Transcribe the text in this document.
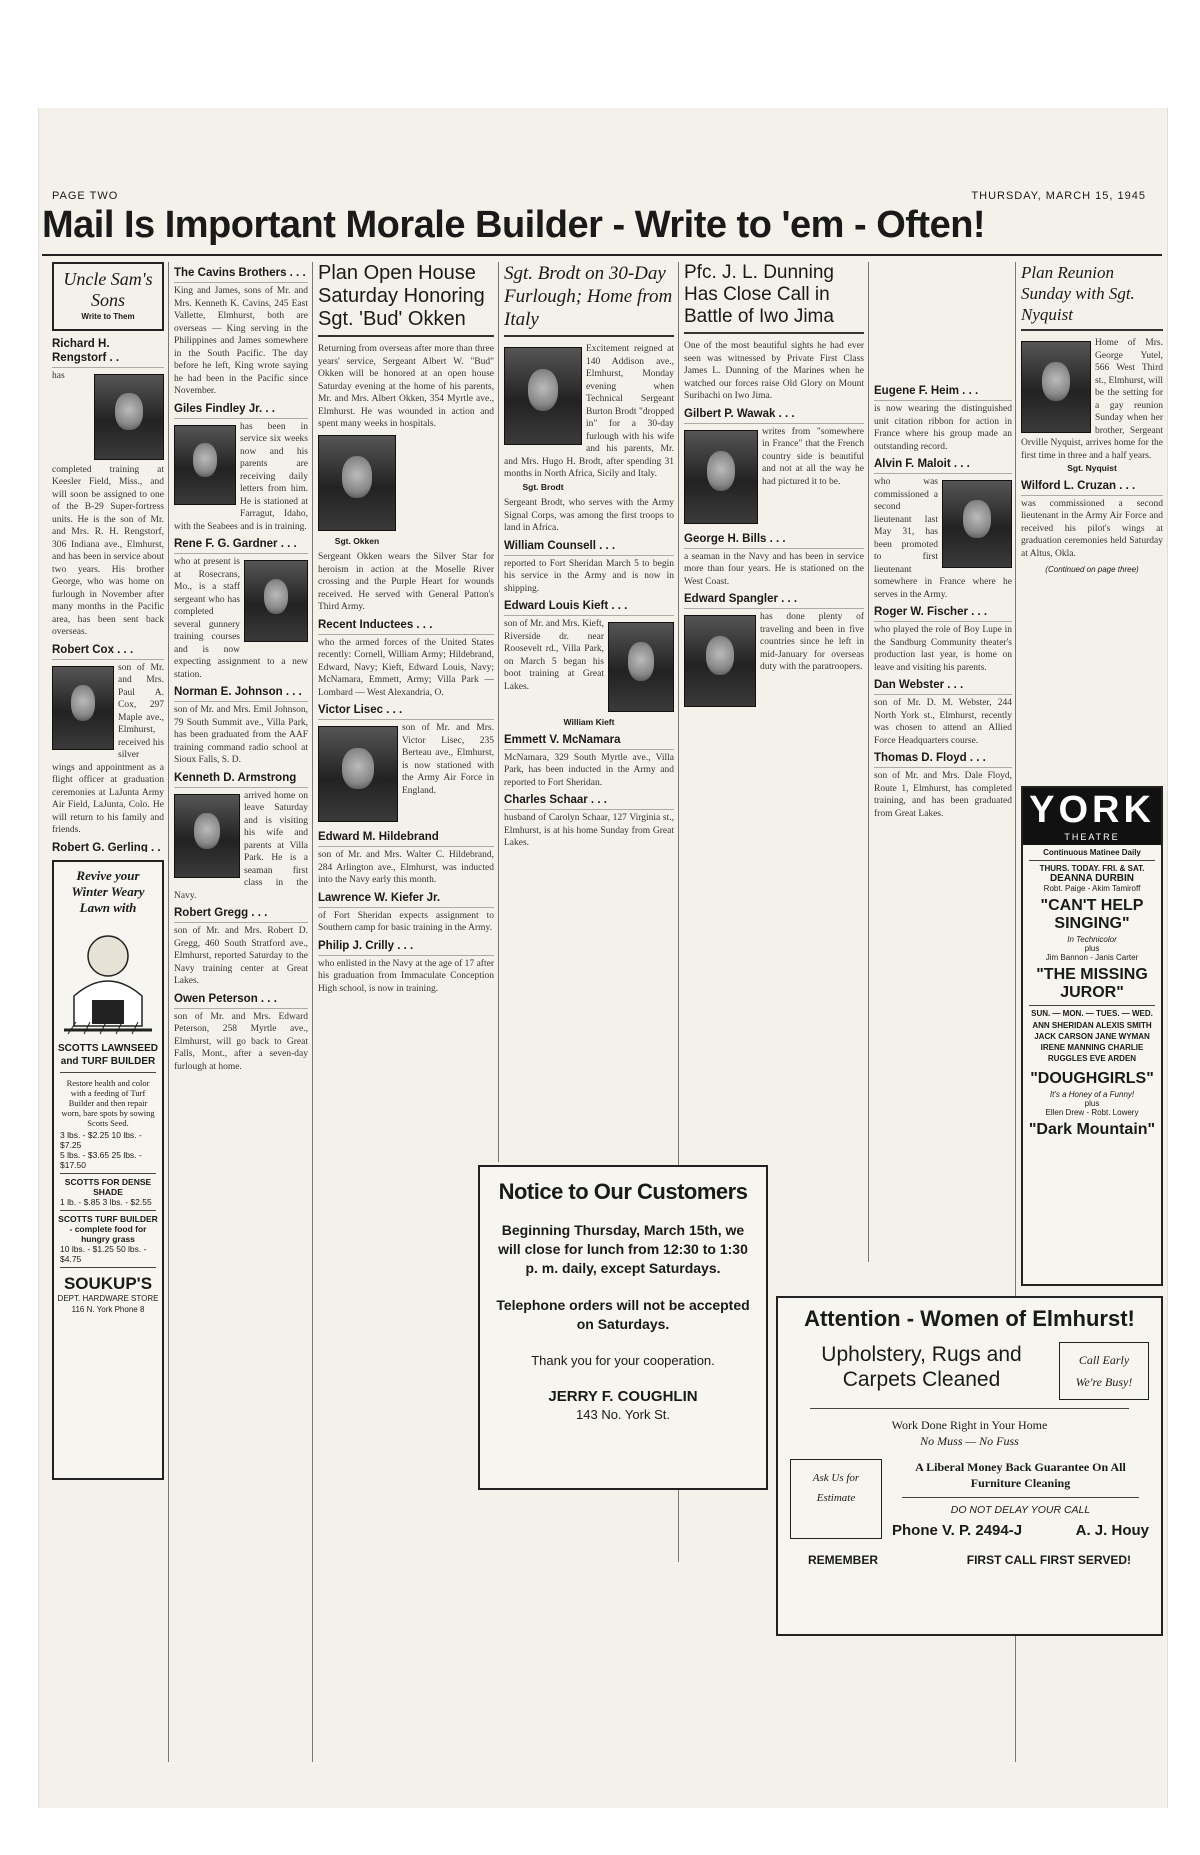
PAGE TWO	THURSDAY, MARCH 15, 1945
Mail Is Important Morale Builder - Write to 'em - Often!
Uncle Sam's Sons
Write to Them
Richard H. Rengstorf . .
has completed training at Keesler Field, Miss., and will soon be assigned to one of the B-29 Super-fortress units. He is the son of Mr. and Mrs. R. H. Rengstorf, 306 Indiana ave., Elmhurst, and has been in service about two years. His brother George, who was home on furlough in November after many months in the Pacific area, has been sent back overseas.
Robert Cox . . .
son of Mr. and Mrs. Paul A. Cox, 297 Maple ave., Elmhurst, received his silver wings and appointment as a flight officer at graduation ceremonies at LaJunta Army Air Field, LaJunta, Colo. He will return to his family and friends.
Robert G. Gerling . .
Revive your Winter Weary Lawn with
SCOTTS LAWNSEED and TURF BUILDER
Restore health and color with a feeding of Turf Builder and then repair worn, bare spots by sowing Scotts Seed.
3 lbs. - $2.25 10 lbs. - $7.25
5 lbs. - $3.65 25 lbs. - $17.50
SCOTTS FOR DENSE SHADE
1 lb. - $.85 3 lbs. - $2.55
SCOTTS TURF BUILDER - complete food for hungry grass
10 lbs. - $1.25 50 lbs. - $4.75
SOUKUP'S
DEPT. HARDWARE STORE
116 N. York Phone 8
The Cavins Brothers . . .
King and James, sons of Mr. and Mrs. Kenneth K. Cavins, 245 East Vallette, Elmhurst, both are overseas — King serving in the Philippines and James somewhere in the South Pacific. The day before he left, King wrote saying he had been in the Pacific since November.
Giles Findley Jr. . .
has been in service six weeks now and his parents are receiving daily letters from him. He is stationed at Farragut, Idaho, with the Seabees and is in training.
Rene F. G. Gardner . . .
who at present is at Rosecrans, Mo., is a staff sergeant who has completed several gunnery training courses and is now expecting assignment to a new station.
Norman E. Johnson . . .
son of Mr. and Mrs. Emil Johnson, 79 South Summit ave., Villa Park, has been graduated from the AAF training command radio school at Sioux Falls, S. D.
Kenneth D. Armstrong
arrived home on leave Saturday and is visiting his wife and parents at Villa Park. He is a seaman first class in the Navy.
Robert Gregg . . .
son of Mr. and Mrs. Robert D. Gregg, 460 South Stratford ave., Elmhurst, reported Saturday to the Navy training center at Great Lakes.
Owen Peterson . . .
son of Mr. and Mrs. Edward Peterson, 258 Myrtle ave., Elmhurst, will go back to Great Falls, Mont., after a seven-day furlough at home.
Plan Open House Saturday Honoring Sgt. 'Bud' Okken
Returning from overseas after more than three years' service, Sergeant Albert W. "Bud" Okken will be honored at an open house Saturday evening at the home of his parents, Mr. and Mrs. Albert Okken, 354 Myrtle ave., Elmhurst. He was wounded in action and spent many weeks in hospitals.
Sgt. Okken
Sergeant Okken wears the Silver Star for heroism in action at the Moselle River crossing and the Purple Heart for wounds received. He served with General Patton's Third Army.
Recent Inductees . . .
who the armed forces of the United States recently: Cornell, William Army; Hildebrand, Edward, Navy; Kieft, Edward Louis, Navy; McNamara, Emmett, Army; Villa Park — Lombard — West Alexandria, O.
Victor Lisec . . .
son of Mr. and Mrs. Victor Lisec, 235 Berteau ave., Elmhurst, is now stationed with the Army Air Force in England.
Edward M. Hildebrand
son of Mr. and Mrs. Walter C. Hildebrand, 284 Arlington ave., Elmhurst, was inducted into the Navy early this month.
Lawrence W. Kiefer Jr.
of Fort Sheridan expects assignment to Southern camp for basic training in the Army.
Philip J. Crilly . . .
who enlisted in the Navy at the age of 17 after his graduation from Immaculate Conception High school, is now in training.
Sgt. Brodt on 30-Day Furlough; Home from Italy
Excitement reigned at 140 Addison ave., Elmhurst, Monday evening when Technical Sergeant Burton Brodt "dropped in" for a 30-day furlough with his wife and his parents, Mr. and Mrs. Hugo H. Brodt, after spending 31 months in North Africa, Sicily and Italy.
Sgt. Brodt
Sergeant Brodt, who serves with the Army Signal Corps, was among the first troops to land in Africa.
William Counsell . . .
reported to Fort Sheridan March 5 to begin his service in the Army and is now in shipping.
Edward Louis Kieft . . .
son of Mr. and Mrs. Kieft, Riverside dr. near Roosevelt rd., Villa Park, on March 5 began his boot training at Great Lakes.
William Kieft
Emmett V. McNamara
McNamara, 329 South Myrtle ave., Villa Park, has been inducted in the Army and reported to Fort Sheridan.
Charles Schaar . . .
husband of Carolyn Schaar, 127 Virginia st., Elmhurst, is at his home Sunday from Great Lakes.
Notice to Our Customers
Beginning Thursday, March 15th, we will close for lunch from 12:30 to 1:30 p. m. daily, except Saturdays.
Telephone orders will not be accepted on Saturdays.
Thank you for your cooperation.
JERRY F. COUGHLIN
143 No. York St.
Pfc. J. L. Dunning Has Close Call in Battle of Iwo Jima
One of the most beautiful sights he had ever seen was witnessed by Private First Class James L. Dunning of the Marines when he watched our forces raise Old Glory on Mount Suribachi on Iwo Jima.
Gilbert P. Wawak . . .
writes from "somewhere in France" that the French country side is beautiful and not at all the way he had pictured it to be.
George H. Bills . . .
a seaman in the Navy and has been in service more than four years. He is stationed on the West Coast.
Edward Spangler . . .
has done plenty of traveling and been in five countries since he left in mid-January for overseas duty with the paratroopers.
Eugene F. Heim . . .
is now wearing the distinguished unit citation ribbon for action in France where his group made an outstanding record.
Alvin F. Maloit . . .
who was commissioned a second lieutenant last May 31, has been promoted to first lieutenant somewhere in France where he serves in the Army.
Roger W. Fischer . . .
who played the role of Boy Lupe in the Sandburg Community theater's production last year, is home on leave and visiting his parents.
Dan Webster . . .
son of Mr. D. M. Webster, 244 North York st., Elmhurst, recently was chosen to attend an Allied Force Headquarters course.
Thomas D. Floyd . . .
son of Mr. and Mrs. Dale Floyd, Route 1, Elmhurst, has completed training, and has been graduated from Great Lakes.
Plan Reunion Sunday with Sgt. Nyquist
Home of Mrs. George Yutel, 566 West Third st., Elmhurst, will be the setting for a gay reunion Sunday when her brother, Sergeant Orville Nyquist, arrives home for the first time in three and a half years.
Sgt. Nyquist
Wilford L. Cruzan . . .
was commissioned a second lieutenant in the Army Air Force and received his pilot's wings at graduation ceremonies held Saturday at Altus, Okla.
(Continued on page three)
YORK
THEATRE
Continuous Matinee Daily
THURS. TODAY. FRI. & SAT.
DEANNA DURBIN
Robt. Paige - Akim Tamiroff
"CAN'T HELP SINGING"
In Technicolor
plus
Jim Bannon - Janis Carter
"THE MISSING JUROR"
SUN. — MON. — TUES. — WED.
ANN SHERIDAN ALEXIS SMITH JACK CARSON JANE WYMAN IRENE MANNING CHARLIE RUGGLES EVE ARDEN
"DOUGHGIRLS"
It's a Honey of a Funny!
plus
Ellen Drew - Robt. Lowery
"Dark Mountain"
Attention - Women of Elmhurst!
Upholstery, Rugs and Carpets Cleaned
Call Early We're Busy!
Work Done Right in Your Home
No Muss — No Fuss
Ask Us for Estimate
A Liberal Money Back Guarantee On All Furniture Cleaning
DO NOT DELAY YOUR CALL
Phone V. P. 2494-J	A. J. Houy
REMEMBER	FIRST CALL FIRST SERVED!
